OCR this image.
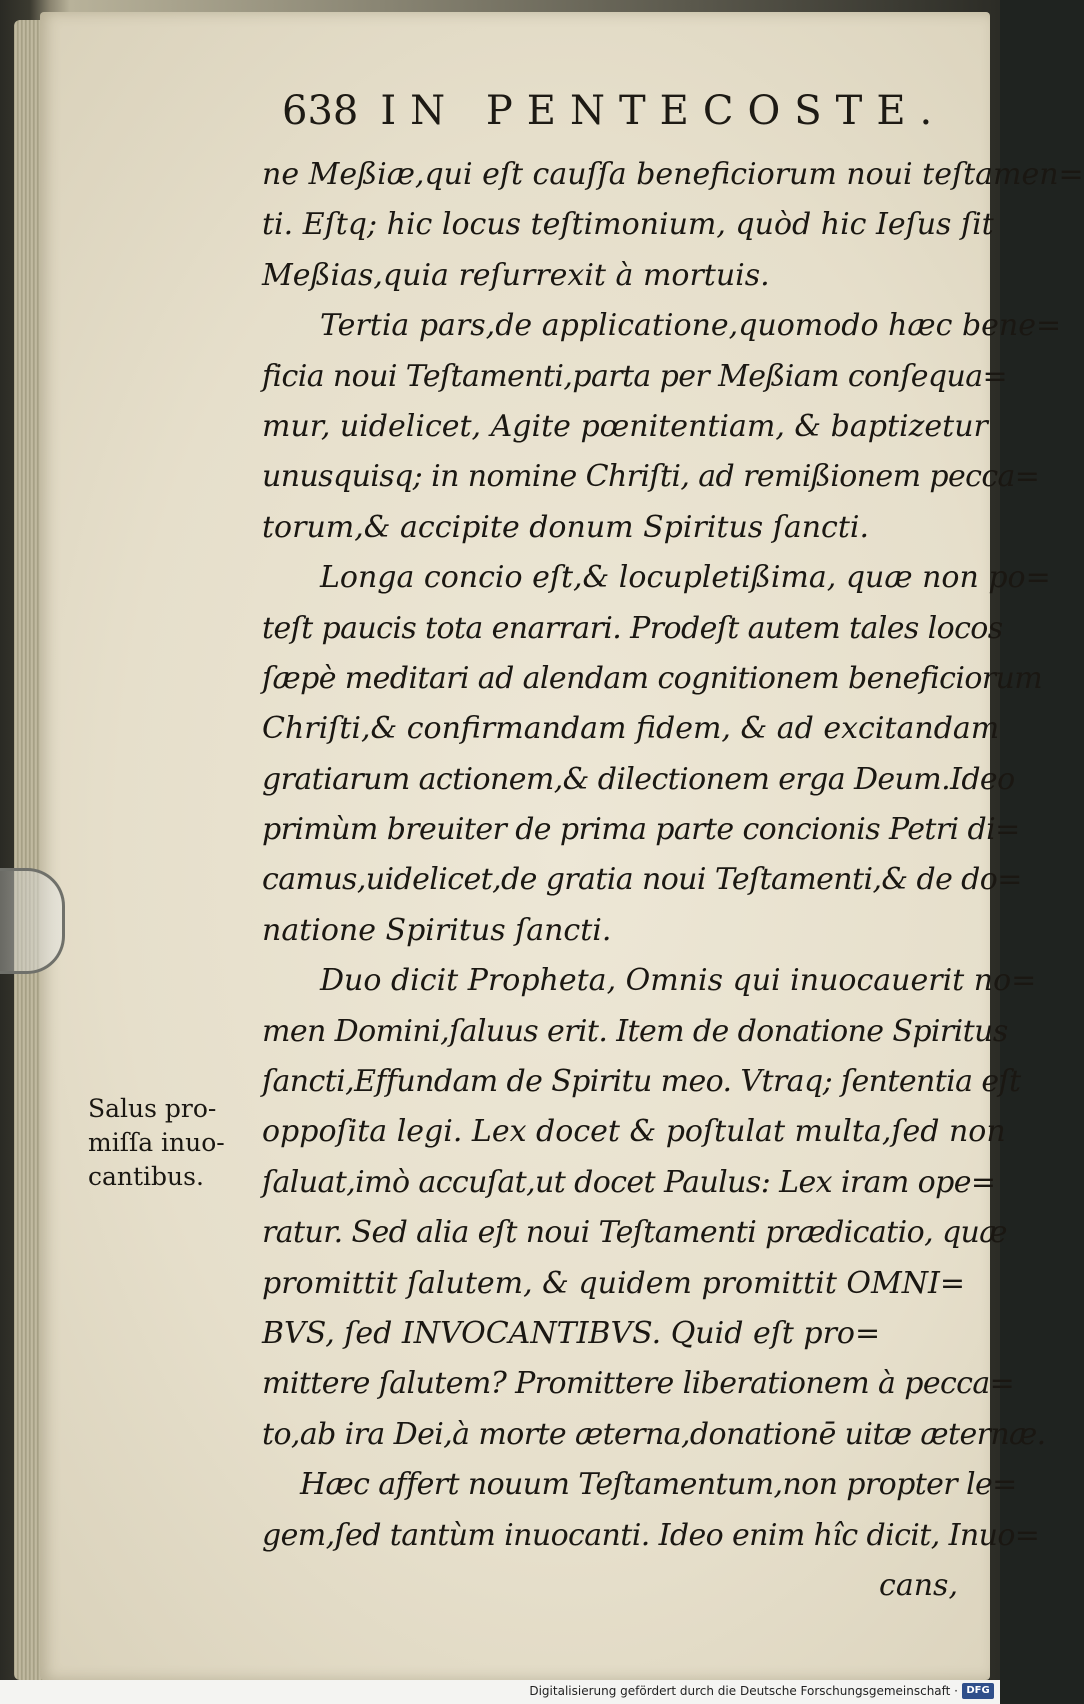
638 IN PENTECOSTE.
ne Meßiæ,qui eſt cauſſa beneficiorum noui teſtamen=
ti. Eſtq; hic locus teſtimonium, quòd hic Ieſus ſit
Meßias,quia reſurrexit à mortuis.
Tertia pars,de applicatione,quomodo hæc bene=
ficia noui Teſtamenti,parta per Meßiam conſequa=
mur, uidelicet, Agite pœnitentiam, & baptizetur
unusquisq; in nomine Chriſti, ad remißionem pecca=
torum,& accipite donum Spiritus ſancti.
Longa concio eſt,& locupletißima, quæ non po=
teſt paucis tota enarrari. Prodeſt autem tales locos
ſæpè meditari ad alendam cognitionem beneficiorum
Chriſti,& confirmandam fidem, & ad excitandam
gratiarum actionem,& dilectionem erga Deum.Ideo
primùm breuiter de prima parte concionis Petri di=
camus,uidelicet,de gratia noui Teſtamenti,& de do=
natione Spiritus ſancti.
Duo dicit Propheta, Omnis qui inuocauerit no=
men Domini,ſaluus erit. Item de donatione Spiritus
ſancti,Effundam de Spiritu meo. Vtraq; ſententia eſt
oppoſita legi. Lex docet & poſtulat multa,ſed non
ſaluat,imò accuſat,ut docet Paulus: Lex iram ope=
ratur. Sed alia eſt noui Teſtamenti prædicatio, quæ
promittit ſalutem, & quidem promittit OMNI=
BVS, ſed INVOCANTIBVS. Quid eſt pro=
mittere ſalutem? Promittere liberationem à pecca=
to,ab ira Dei,à morte æterna,donationē uitæ æternæ.
Hæc affert nouum Teſtamentum,non propter le=
gem,ſed tantùm inuocanti. Ideo enim hîc dicit, Inuo=
cans,
Salus pro-
miſſa inuo-
cantibus.
Digitalisierung gefördert durch die Deutsche Forschungsgemeinschaft · DFG
